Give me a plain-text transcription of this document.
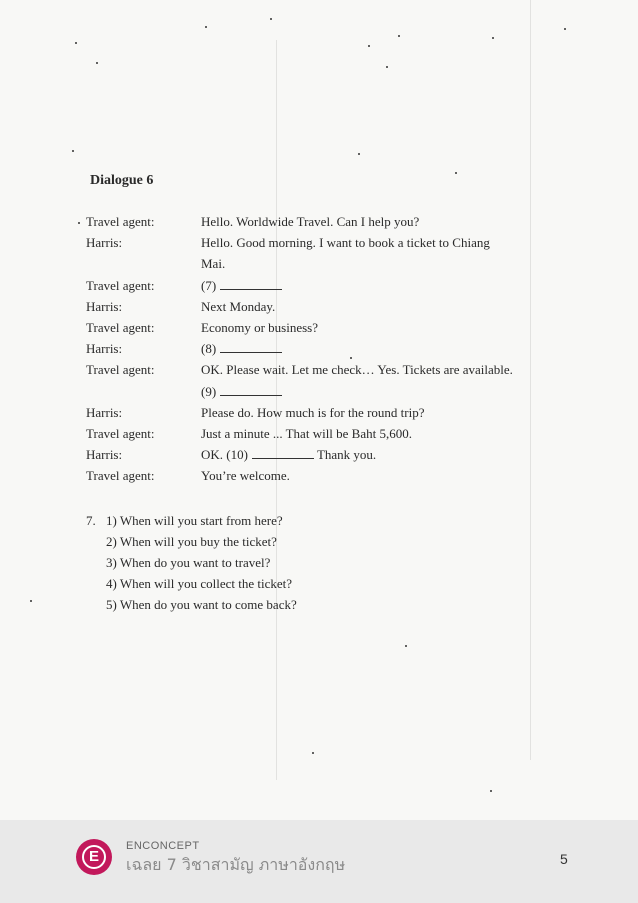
Dialogue 6
Travel agent:	Hello. Worldwide Travel. Can I help you?
Harris:	Hello. Good morning. I want to book a ticket to Chiang
Mai.
Travel agent:	(7)
Harris:	Next Monday.
Travel agent:	Economy or business?
Harris:	(8)
Travel agent:	OK. Please wait. Let me check… Yes. Tickets are available.
(9)
Harris:	Please do. How much is for the round trip?
Travel agent:	Just a minute ... That will be Baht 5,600.
Harris:	OK. (10)	Thank you.
Travel agent:	You’re welcome.
7. 1) When will you start from here?
2) When will you buy the ticket?
3) When do you want to travel?
4) When will you collect the ticket?
5) When do you want to come back?
E
ENCONCEPT
เฉลย 7 วิชาสามัญ ภาษาอังกฤษ	5
